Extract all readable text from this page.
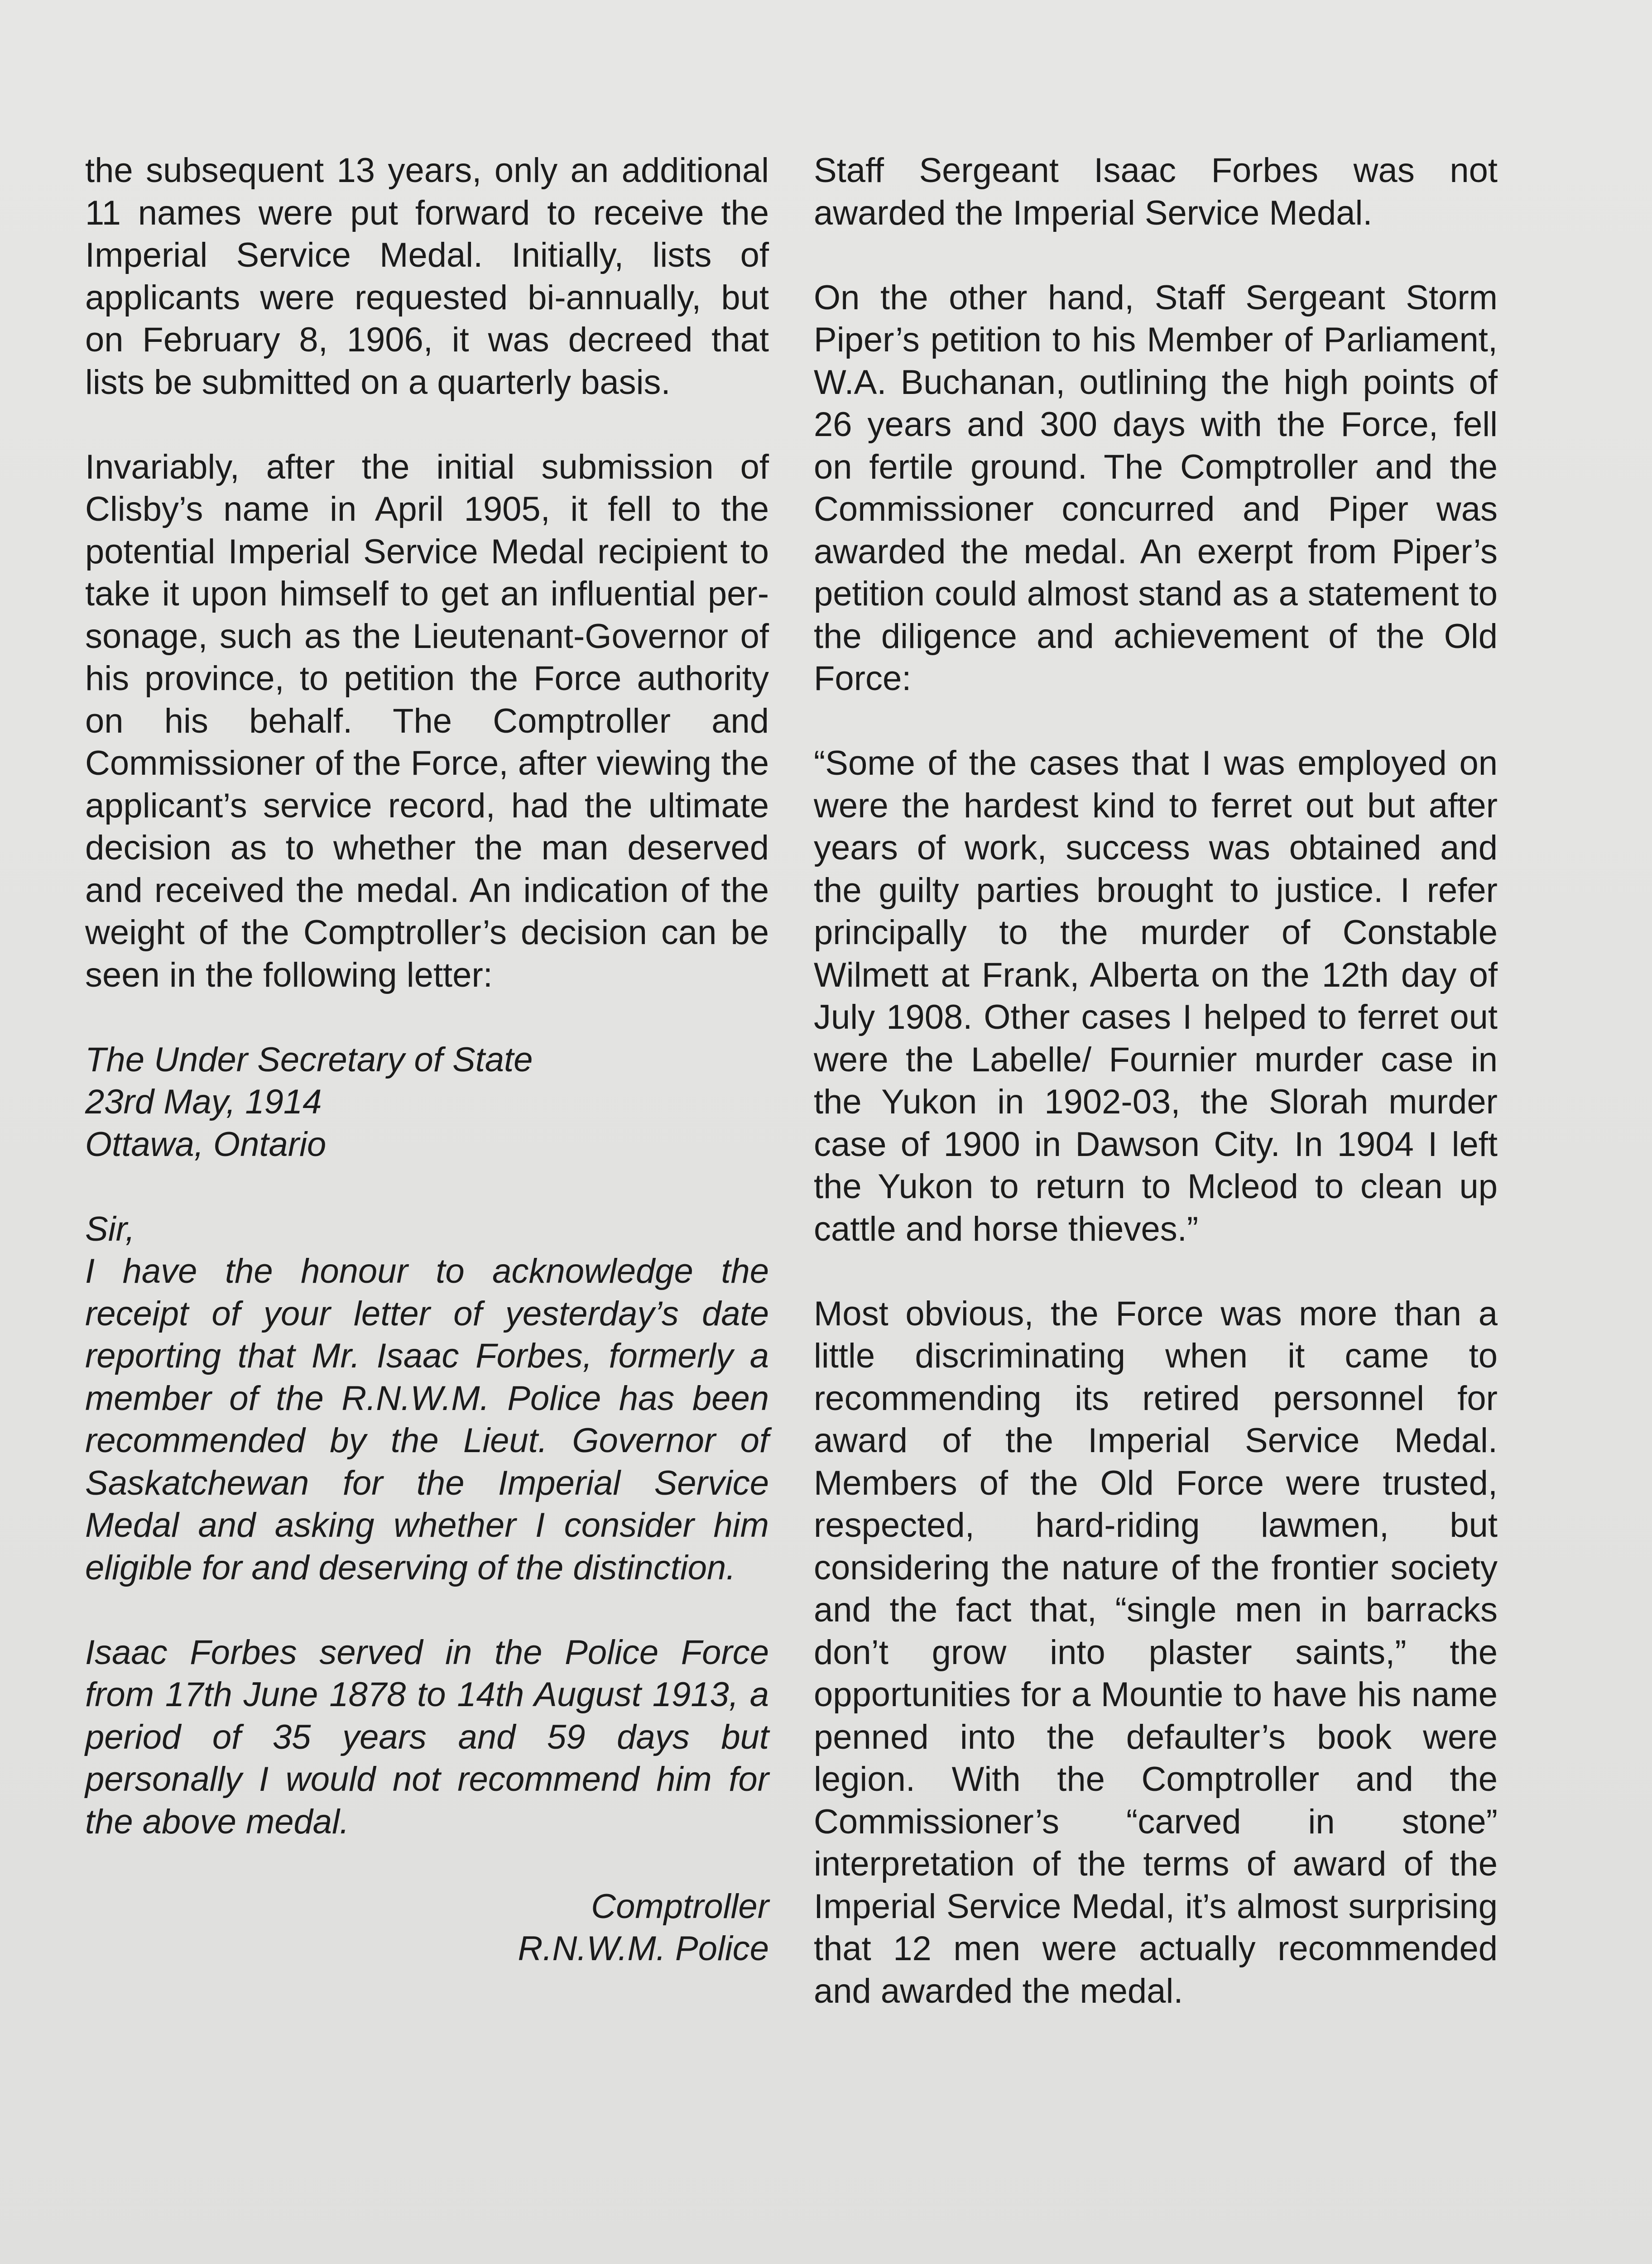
the subsequent 13 years, only an additional 11 names were put forward to receive the Imperial Service Medal. Initially, lists of applicants were requested bi-annually, but on February 8, 1906, it was decreed that lists be submitted on a quarterly basis.

Invariably, after the initial submission of Clisby’s name in April 1905, it fell to the potential Imperial Service Medal recipient to take it upon himself to get an influential personage, such as the Lieutenant-Governor of his province, to petition the Force authority on his behalf. The Comptroller and Commissioner of the Force, after viewing the applicant’s service record, had the ultimate decision as to whether the man deserved and received the medal. An indication of the weight of the Comptroller’s decision can be seen in the following letter:

The Under Secretary of State
23rd May, 1914
Ottawa, Ontario

Sir,
I have the honour to acknowledge the receipt of your letter of yesterday’s date reporting that Mr. Isaac Forbes, formerly a member of the R.N.W.M. Police has been recommended by the Lieut. Governor of Saskatchewan for the Imperial Service Medal and asking whether I consider him eligible for and deserving of the distinction.

Isaac Forbes served in the Police Force from 17th June 1878 to 14th August 1913, a period of 35 years and 59 days but personally I would not recommend him for the above medal.

Comptroller

R.N.W.M. Police

Staff Sergeant Isaac Forbes was not awarded the Imperial Service Medal.

On the other hand, Staff Sergeant Storm Piper’s petition to his Member of Parliament, W.A. Buchanan, outlining the high points of 26 years and 300 days with the Force, fell on fertile ground. The Comptroller and the Commissioner concurred and Piper was awarded the medal. An exerpt from Piper’s petition could almost stand as a statement to the diligence and achievement of the Old Force:

“Some of the cases that I was employed on were the hardest kind to ferret out but after years of work, success was obtained and the guilty parties brought to justice. I refer principally to the murder of Constable Wilmett at Frank, Alberta on the 12th day of July 1908. Other cases I helped to ferret out were the Labelle/ Fournier murder case in the Yukon in 1902-03, the Slorah murder case of 1900 in Dawson City. In 1904 I left the Yukon to return to Mcleod to clean up cattle and horse thieves.”

Most obvious, the Force was more than a little discriminating when it came to recommending its retired personnel for award of the Imperial Service Medal. Members of the Old Force were trusted, respected, hard-riding lawmen, but considering the nature of the frontier society and the fact that, “single men in barracks don’t grow into plaster saints,” the opportunities for a Mountie to have his name penned into the defaulter’s book were legion. With the Comptroller and the Commissioner’s “carved in stone” interpretation of the terms of award of the Imperial Service Medal, it’s almost surprising that 12 men were actually recommended and awarded the medal.
